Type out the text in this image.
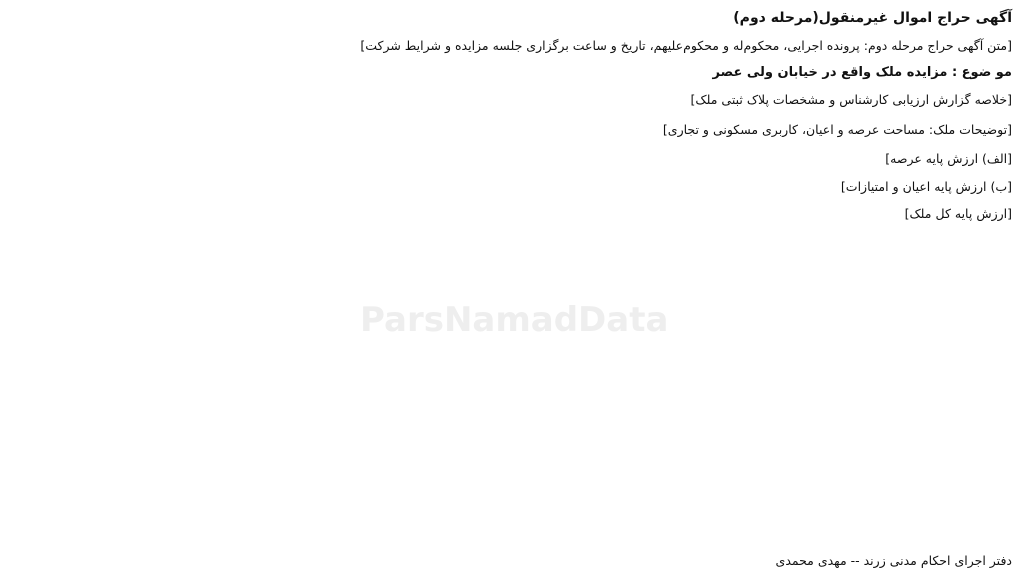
ParsNamadData
آگهی حراج اموال غیرمنقول(مرحله دوم)

[متن آگهی حراج مرحله دوم: پرونده اجرایی، محکوم‌له و محکوم‌علیهم، تاریخ و ساعت برگزاری جلسه مزایده و شرایط شرکت]

مو ضوع : مزایده ملک واقع در خیابان ولی عصر

[خلاصه گزارش ارزیابی کارشناس و مشخصات پلاک ثبتی ملک]

[توضیحات ملک: مساحت عرصه و اعیان، کاربری مسکونی و تجاری]

[الف) ارزش پایه عرصه]

[ب) ارزش پایه اعیان و امتیازات]

[ارزش پایه کل ملک]

دفتر اجرای احکام مدنی زرند -- مهدی محمدی
